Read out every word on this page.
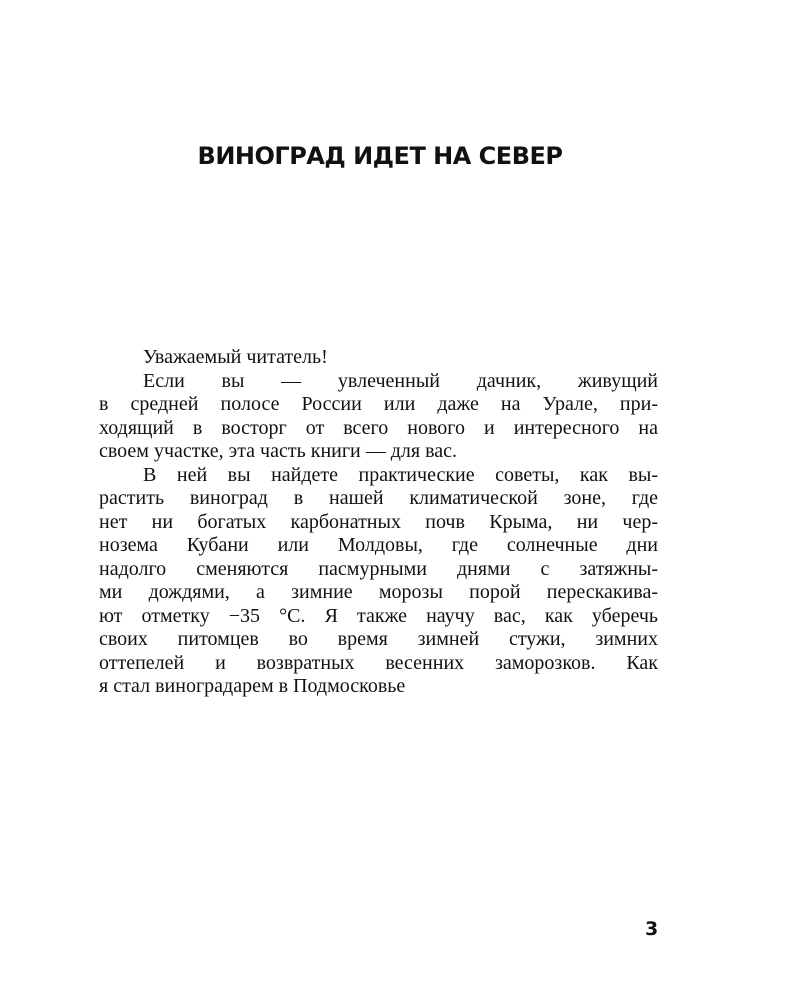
ВИНОГРАД ИДЕТ НА СЕВЕР
Уважаемый читатель!
Если вы — увлеченный дачник, живущий
в средней полосе России или даже на Урале, при-
ходящий в восторг от всего нового и интересного на
своем участке, эта часть книги — для вас.
В ней вы найдете практические советы, как вы-
растить виноград в нашей климатической зоне, где
нет ни богатых карбонатных почв Крыма, ни чер-
нозема Кубани или Молдовы, где солнечные дни
надолго сменяются пасмурными днями с затяжны-
ми дождями, а зимние морозы порой перескакива-
ют отметку −35 °С. Я также научу вас, как уберечь
своих питомцев во время зимней стужи, зимних
оттепелей и возвратных весенних заморозков. Как
я стал виноградарем в Подмосковье
3
